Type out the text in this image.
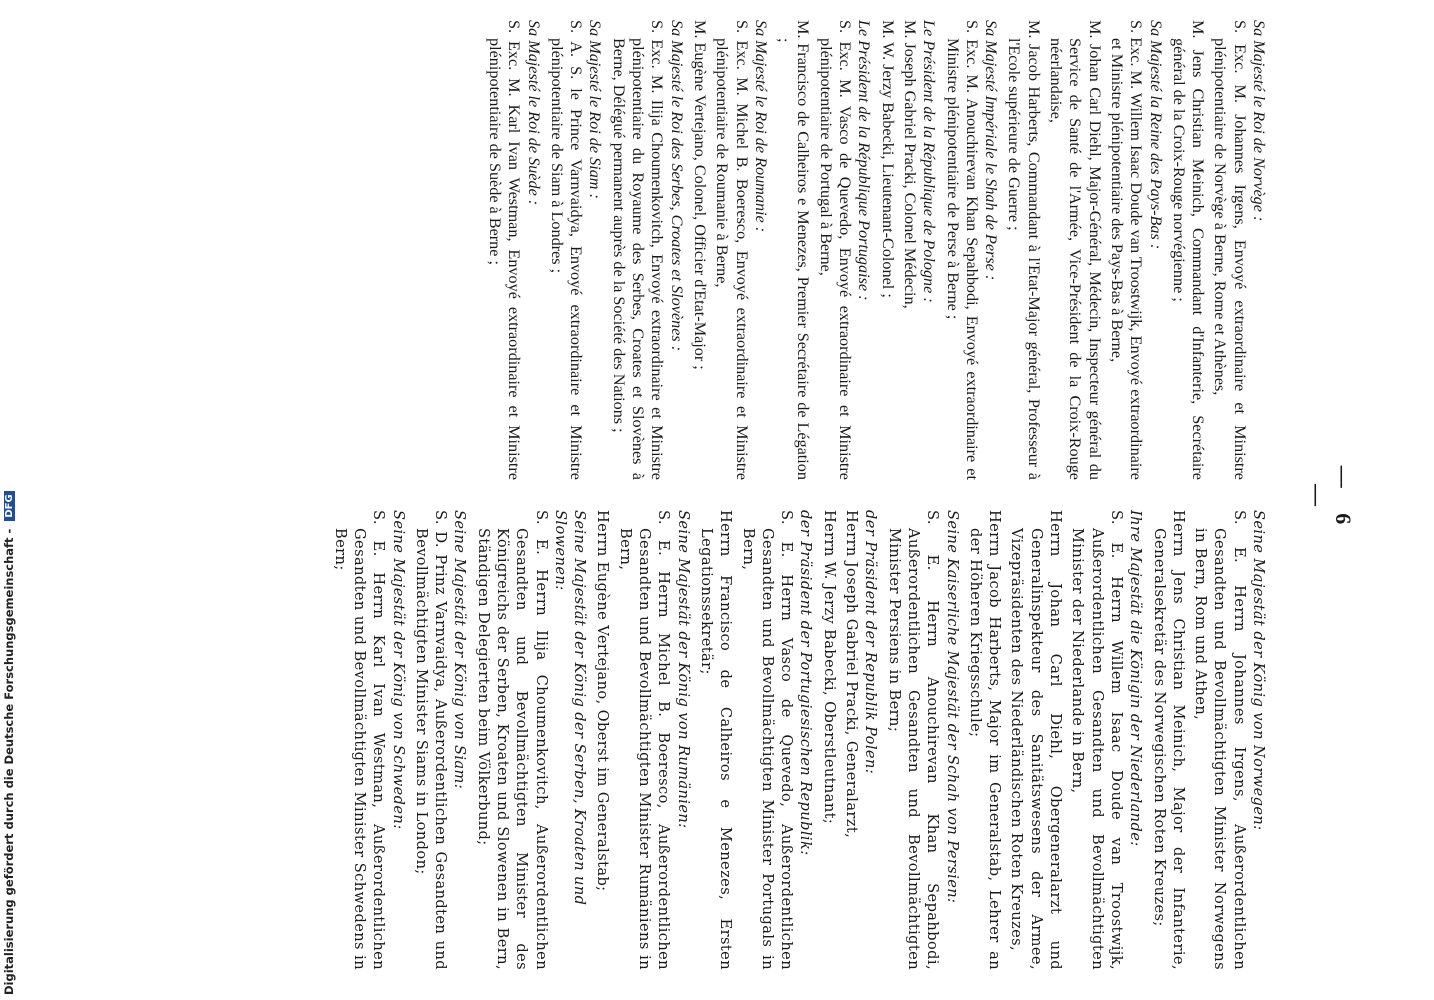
— 6 —

Sa Majesté le Roi de Norvège :

S. Exc. M. Johannes Irgens, Envoyé extraordinaire et Ministre plénipotentiaire de Norvège à Berne, Rome et Athènes,

M. Jens Christian Meinich, Commandant d'Infanterie, Secrétaire général de la Croix-Rouge norvégienne ;

Sa Majesté la Reine des Pays-Bas :

S. Exc. M. Willem Isaac Doude van Troostwijk, Envoyé extraordinaire et Ministre plénipotentiaire des Pays-Bas à Berne,

M. Johan Carl Diehl, Major-Général, Médecin, Inspecteur général du Service de Santé de l'Armée, Vice-Président de la Croix-Rouge néerlandaise,

M. Jacob Harberts, Commandant à l'Etat-Major général, Professeur à l'Ecole supérieure de Guerre ;

Sa Majesté Impériale le Shah de Perse :

S. Exc. M. Anouchirevan Khan Sepahbodi, Envoyé extraordinaire et Ministre plénipotentiaire de Perse à Berne ;

Le Président de la République de Pologne :

M. Joseph Gabriel Pracki, Colonel Médecin,

M. W. Jerzy Babecki, Lieutenant-Colonel ;

Le Président de la République Portugaise :

S. Exc. M. Vasco de Quevedo, Envoyé extraordinaire et Ministre plénipotentiaire de Portugal à Berne,

M. Francisco de Calheiros e Menezes, Premier Secrétaire de Légation ;

Sa Majesté le Roi de Roumanie :

S. Exc. M. Michel B. Boeresco, Envoyé extraordinaire et Ministre plénipotentiaire de Roumanie à Berne,

M. Eugène Vertejano, Colonel, Officier d'Etat-Major ;

Sa Majesté le Roi des Serbes, Croates et Slovènes :

S. Exc. M. Ilija Choumenkovitch, Envoyé extraordinaire et Ministre plénipotentiaire du Royaume des Serbes, Croates et Slovènes à Berne, Délégué permanent auprès de la Société des Nations ;

Sa Majesté le Roi de Siam :

S. A. S. le Prince Varnvaidya, Envoyé extraordinaire et Ministre plénipotentiaire de Siam à Londres ;

Sa Majesté le Roi de Suède :

S. Exc. M. Karl Ivan Westman, Envoyé extraordinaire et Ministre plénipotentiaire de Suède à Berne ;

Seine Majestät der König von Norwegen:

S. E. Herrn Johannes Irgens, Außerordentlichen Gesandten und Bevollmächtigten Minister Norwegens in Bern, Rom und Athen,

Herrn Jens Christian Meinich, Major der Infanterie, Generalsekretär des Norwegischen Roten Kreuzes;

Ihre Majestät die Königin der Niederlande:

S. E. Herrn Willem Isaac Doude van Troostwijk, Außerordentlichen Gesandten und Bevollmächtigten Minister der Niederlande in Bern,

Herrn Johan Carl Diehl, Obergeneralarzt und Generalinspekteur des Sanitätswesens der Armee, Vizepräsidenten des Niederländischen Roten Kreuzes,

Herrn Jacob Harberts, Major im Generalstab, Lehrer an der Höheren Kriegsschule;

Seine Kaiserliche Majestät der Schah von Persien:

S. E. Herrn Anouchirevan Khan Sepahbodi, Außerordentlichen Gesandten und Bevollmächtigten Minister Persiens in Bern;

der Präsident der Republik Polen:

Herrn Joseph Gabriel Pracki, Generalarzt,

Herrn W. Jerzy Babecki, Oberstleutnant;

der Präsident der Portugiesischen Republik:

S. E. Herrn Vasco de Quevedo, Außerordentlichen Gesandten und Bevollmächtigten Minister Portugals in Bern,

Herrn Francisco de Calheiros e Menezes, Ersten Legationssekretär;

Seine Majestät der König von Rumänien:

S. E. Herrn Michel B. Boeresco, Außerordentlichen Gesandten und Bevollmächtigten Minister Rumäniens in Bern,

Herrn Eugène Vertejano, Oberst im Generalstab;

Seine Majestät der König der Serben, Kroaten und Slowenen:

S. E. Herrn Ilija Choumenkovitch, Außerordentlichen Gesandten und Bevollmächtigten Minister des Königreichs der Serben, Kroaten und Slowenen in Bern, Ständigen Delegierten beim Völkerbund;

Seine Majestät der König von Siam:

S. D. Prinz Varnvaidya, Außerordentlichen Gesandten und Bevollmächtigten Minister Siams in London;

Seine Majestät der König von Schweden:

S. E. Herrn Karl Ivan Westman, Außerordentlichen Gesandten und Bevollmächtigten Minister Schwedens in Bern;

Digitalisierung gefördert durch die Deutsche Forschungsgemeinschaft - DFG
